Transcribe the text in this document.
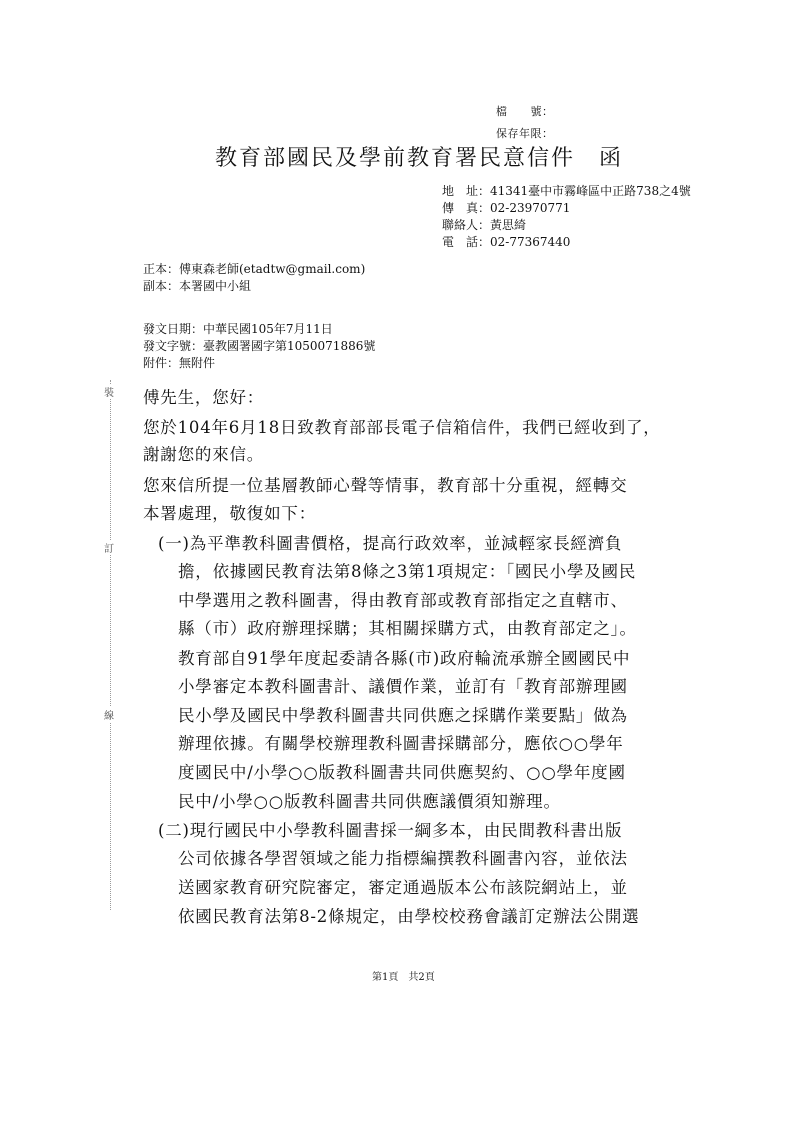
檔　　號：
保存年限：
教育部國民及學前教育署民意信件　函
地　址：41341臺中市霧峰區中正路738之4號
傳　真：02-23970771
聯絡人：黃思綺
電　話：02-77367440
正本：傅東森老師(etadtw@gmail.com)
副本：本署國中小組
發文日期：中華民國105年7月11日
發文字號：臺教國署國字第1050071886號
附件：無附件
裝
訂
線
傅先生，您好：
您於104年6月18日致教育部部長電子信箱信件，我們已經收到了，
謝謝您的來信。
您來信所提一位基層教師心聲等情事，教育部十分重視，經轉交
本署處理，敬復如下：
(一)為平準教科圖書價格，提高行政效率，並減輕家長經濟負
擔，依據國民教育法第8條之3第1項規定：「國民小學及國民
中學選用之教科圖書，得由教育部或教育部指定之直轄市、
縣（市）政府辦理採購；其相關採購方式，由教育部定之」。
教育部自91學年度起委請各縣(市)政府輪流承辦全國國民中
小學審定本教科圖書計、議價作業，並訂有「教育部辦理國
民小學及國民中學教科圖書共同供應之採購作業要點」做為
辦理依據。有關學校辦理教科圖書採購部分，應依○○學年
度國民中/小學○○版教科圖書共同供應契約、○○學年度國
民中/小學○○版教科圖書共同供應議價須知辦理。
(二)現行國民中小學教科圖書採一綱多本，由民間教科書出版
公司依據各學習領域之能力指標編撰教科圖書內容，並依法
送國家教育研究院審定，審定通過版本公布該院網站上，並
依國民教育法第8-2條規定，由學校校務會議訂定辦法公開選
第1頁　共2頁
